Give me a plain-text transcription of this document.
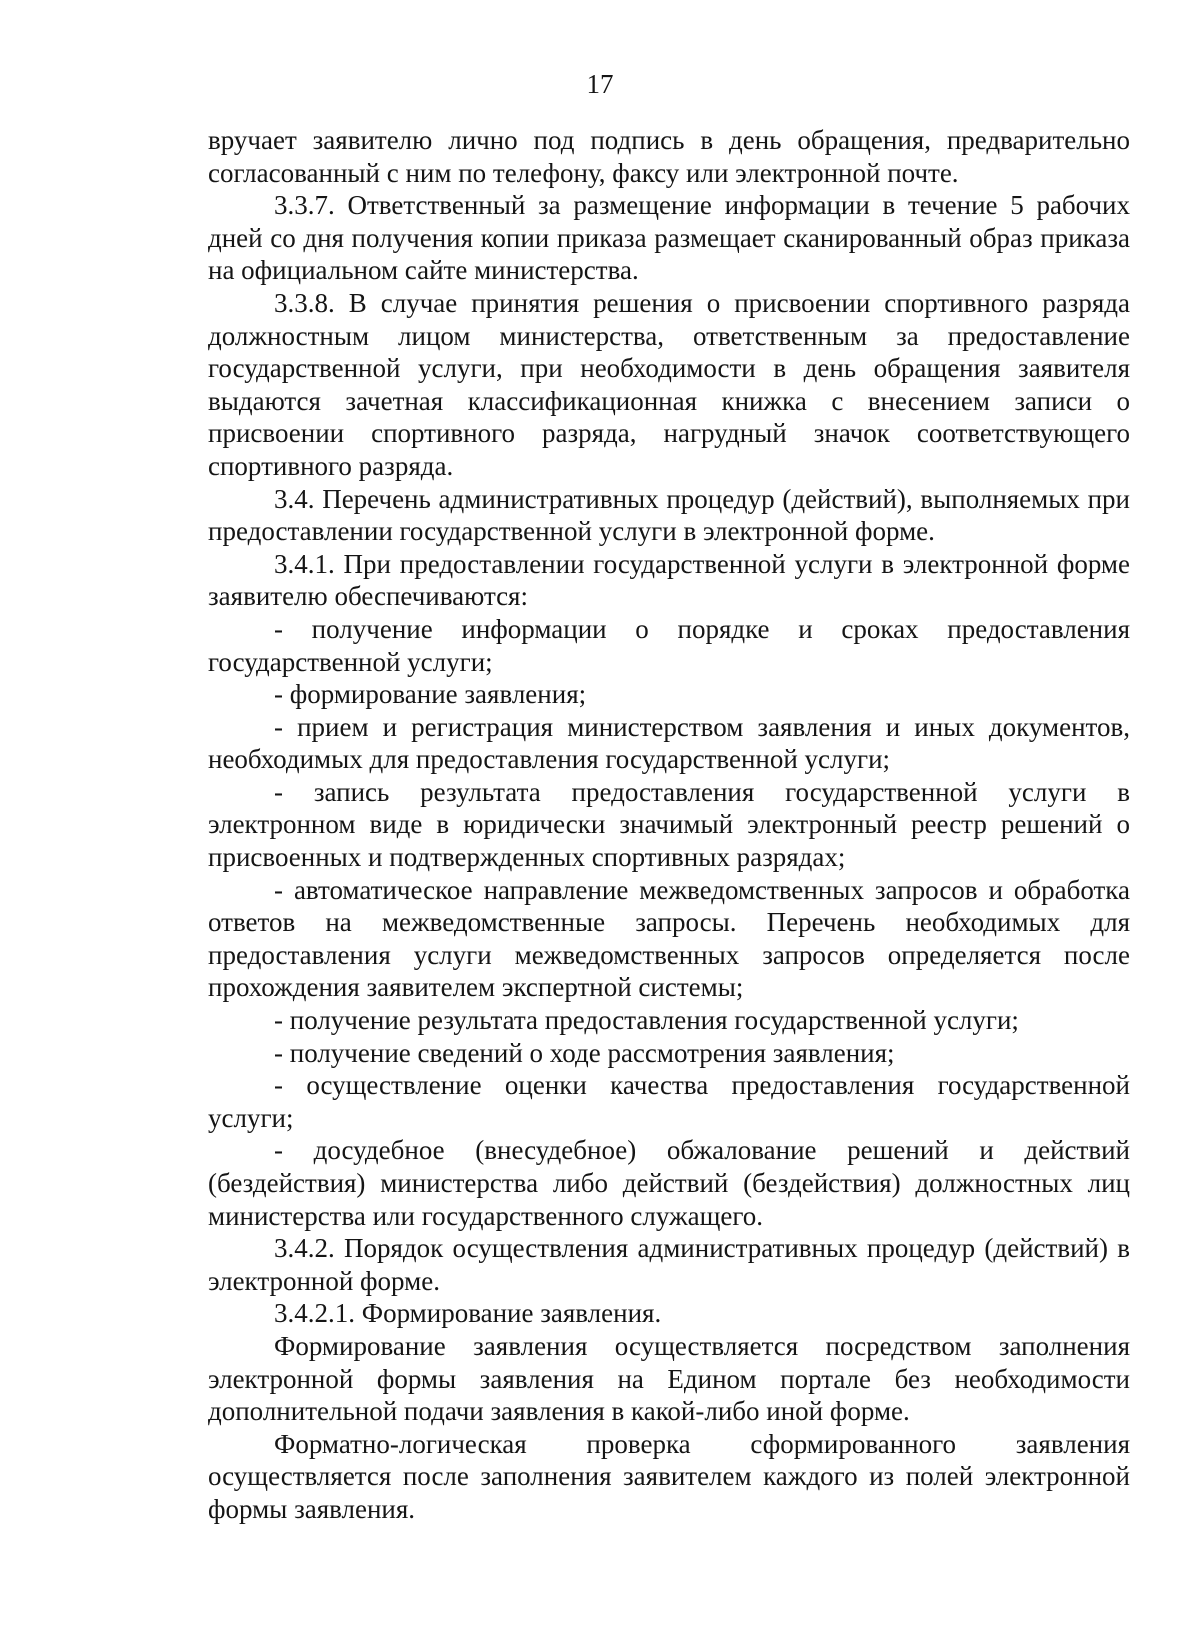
17

вручает заявителю лично под подпись в день обращения, предварительно согласованный с ним по телефону, факсу или электронной почте.

3.3.7. Ответственный за размещение информации в течение 5 рабочих дней со дня получения копии приказа размещает сканированный образ приказа на официальном сайте министерства.

3.3.8. В случае принятия решения о присвоении спортивного разряда должностным лицом министерства, ответственным за предоставление государственной услуги, при необходимости в день обращения заявителя выдаются зачетная классификационная книжка с внесением записи о присвоении спортивного разряда, нагрудный значок соответствующего спортивного разряда.

3.4. Перечень административных процедур (действий), выполняемых при предоставлении государственной услуги в электронной форме.

3.4.1. При предоставлении государственной услуги в электронной форме заявителю обеспечиваются:

- получение информации о порядке и сроках предоставления государственной услуги;

- формирование заявления;

- прием и регистрация министерством заявления и иных документов, необходимых для предоставления государственной услуги;

- запись результата предоставления государственной услуги в электронном виде в юридически значимый электронный реестр решений о присвоенных и подтвержденных спортивных разрядах;

- автоматическое направление межведомственных запросов и обработка ответов на межведомственные запросы. Перечень необходимых для предоставления услуги межведомственных запросов определяется после прохождения заявителем экспертной системы;

- получение результата предоставления государственной услуги;

- получение сведений о ходе рассмотрения заявления;

- осуществление оценки качества предоставления государственной услуги;

- досудебное (внесудебное) обжалование решений и действий (бездействия) министерства либо действий (бездействия) должностных лиц министерства или государственного служащего.

3.4.2. Порядок осуществления административных процедур (действий) в электронной форме.

3.4.2.1. Формирование заявления.

Формирование заявления осуществляется посредством заполнения электронной формы заявления на Едином портале без необходимости дополнительной подачи заявления в какой-либо иной форме.

Форматно-логическая проверка сформированного заявления осуществляется после заполнения заявителем каждого из полей электронной формы заявления.
